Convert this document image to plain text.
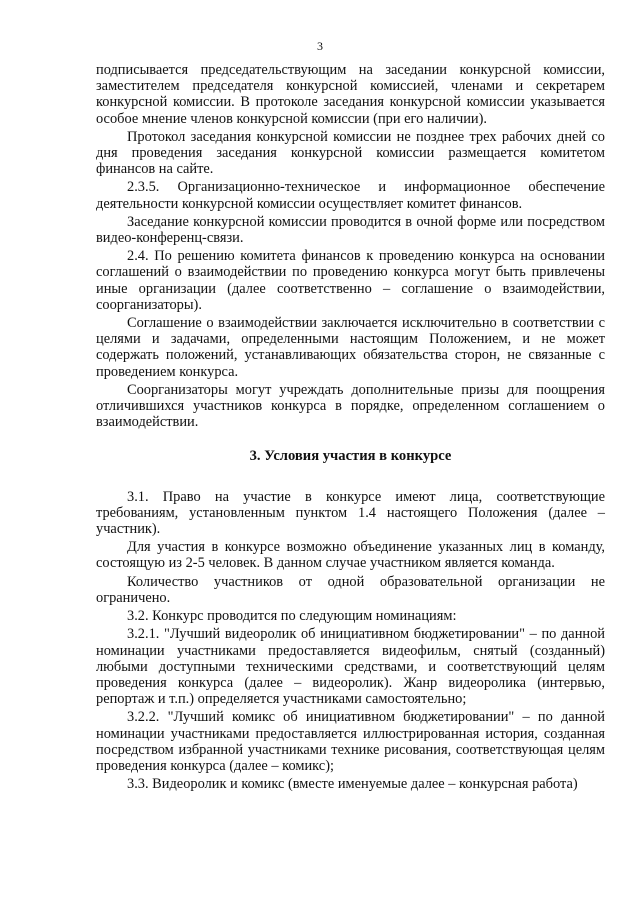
3

подписывается председательствующим на заседании конкурсной комиссии, заместителем председателя конкурсной комиссией, членами и секретарем конкурсной комиссии. В протоколе заседания конкурсной комиссии указывается особое мнение членов конкурсной комиссии (при его наличии).

Протокол заседания конкурсной комиссии не позднее трех рабочих дней со дня проведения заседания конкурсной комиссии размещается комитетом финансов на сайте.

2.3.5. Организационно-техническое и информационное обеспечение деятельности конкурсной комиссии осуществляет комитет финансов.

Заседание конкурсной комиссии проводится в очной форме или посредством видео-конференц-связи.

2.4. По решению комитета финансов к проведению конкурса на основании соглашений о взаимодействии по проведению конкурса могут быть привлечены иные организации (далее соответственно – соглашение о взаимодействии, соорганизаторы).

Соглашение о взаимодействии заключается исключительно в соответствии с целями и задачами, определенными настоящим Положением, и не может содержать положений, устанавливающих обязательства сторон, не связанные с проведением конкурса.

Соорганизаторы могут учреждать дополнительные призы для поощрения отличившихся участников конкурса в порядке, определенном соглашением о взаимодействии.

3. Условия участия в конкурсе

3.1. Право на участие в конкурсе имеют лица, соответствующие требованиям, установленным пунктом 1.4 настоящего Положения (далее – участник).

Для участия в конкурсе возможно объединение указанных лиц в команду, состоящую из 2-5 человек. В данном случае участником является команда.

Количество участников от одной образовательной организации не ограничено.

3.2. Конкурс проводится по следующим номинациям:

3.2.1. "Лучший видеоролик об инициативном бюджетировании" – по данной номинации участниками предоставляется видеофильм, снятый (созданный) любыми доступными техническими средствами, и соответствующий целям проведения конкурса (далее – видеоролик). Жанр видеоролика (интервью, репортаж и т.п.) определяется участниками самостоятельно;

3.2.2. "Лучший комикс об инициативном бюджетировании" – по данной номинации участниками предоставляется иллюстрированная история, созданная посредством избранной участниками технике рисования, соответствующая целям проведения конкурса (далее – комикс);

3.3. Видеоролик и комикс (вместе именуемые далее – конкурсная работа)
